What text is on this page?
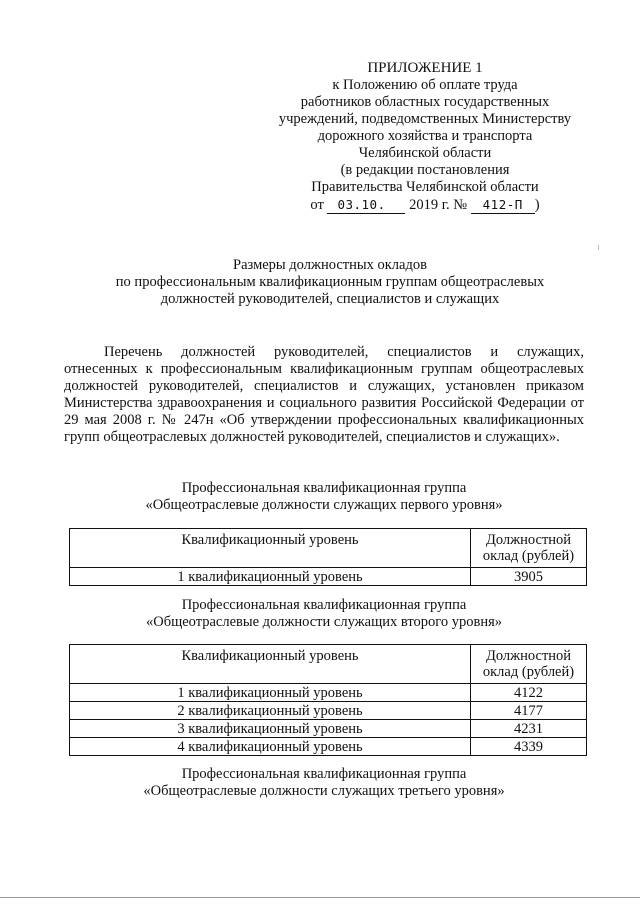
ПРИЛОЖЕНИЕ 1
к Положению об оплате труда
работников областных государственных
учреждений, подведомственных Министерству
дорожного хозяйства и транспорта
Челябинской области
(в редакции постановления
Правительства Челябинской области
от 03.10. 2019 г. № 412-П )
Размеры должностных окладов
по профессиональным квалификационным группам общеотраслевых
должностей руководителей, специалистов и служащих
Перечень должностей руководителей, специалистов и служащих, отнесенных к профессиональным квалификационным группам общеотраслевых должностей руководителей, специалистов и служащих, установлен приказом Министерства здравоохранения и социального развития Российской Федерации от 29 мая 2008 г. № 247н «Об утверждении профессиональных квалификационных групп общеотраслевых должностей руководителей, специалистов и служащих».
Профессиональная квалификационная группа
«Общеотраслевые должности служащих первого уровня»
Квалификационный уровень	Должностной оклад (рублей)
1 квалификационный уровень	3905
Профессиональная квалификационная группа
«Общеотраслевые должности служащих второго уровня»
Квалификационный уровень	Должностной оклад (рублей)
1 квалификационный уровень	4122
2 квалификационный уровень	4177
3 квалификационный уровень	4231
4 квалификационный уровень	4339
Профессиональная квалификационная группа
«Общеотраслевые должности служащих третьего уровня»
